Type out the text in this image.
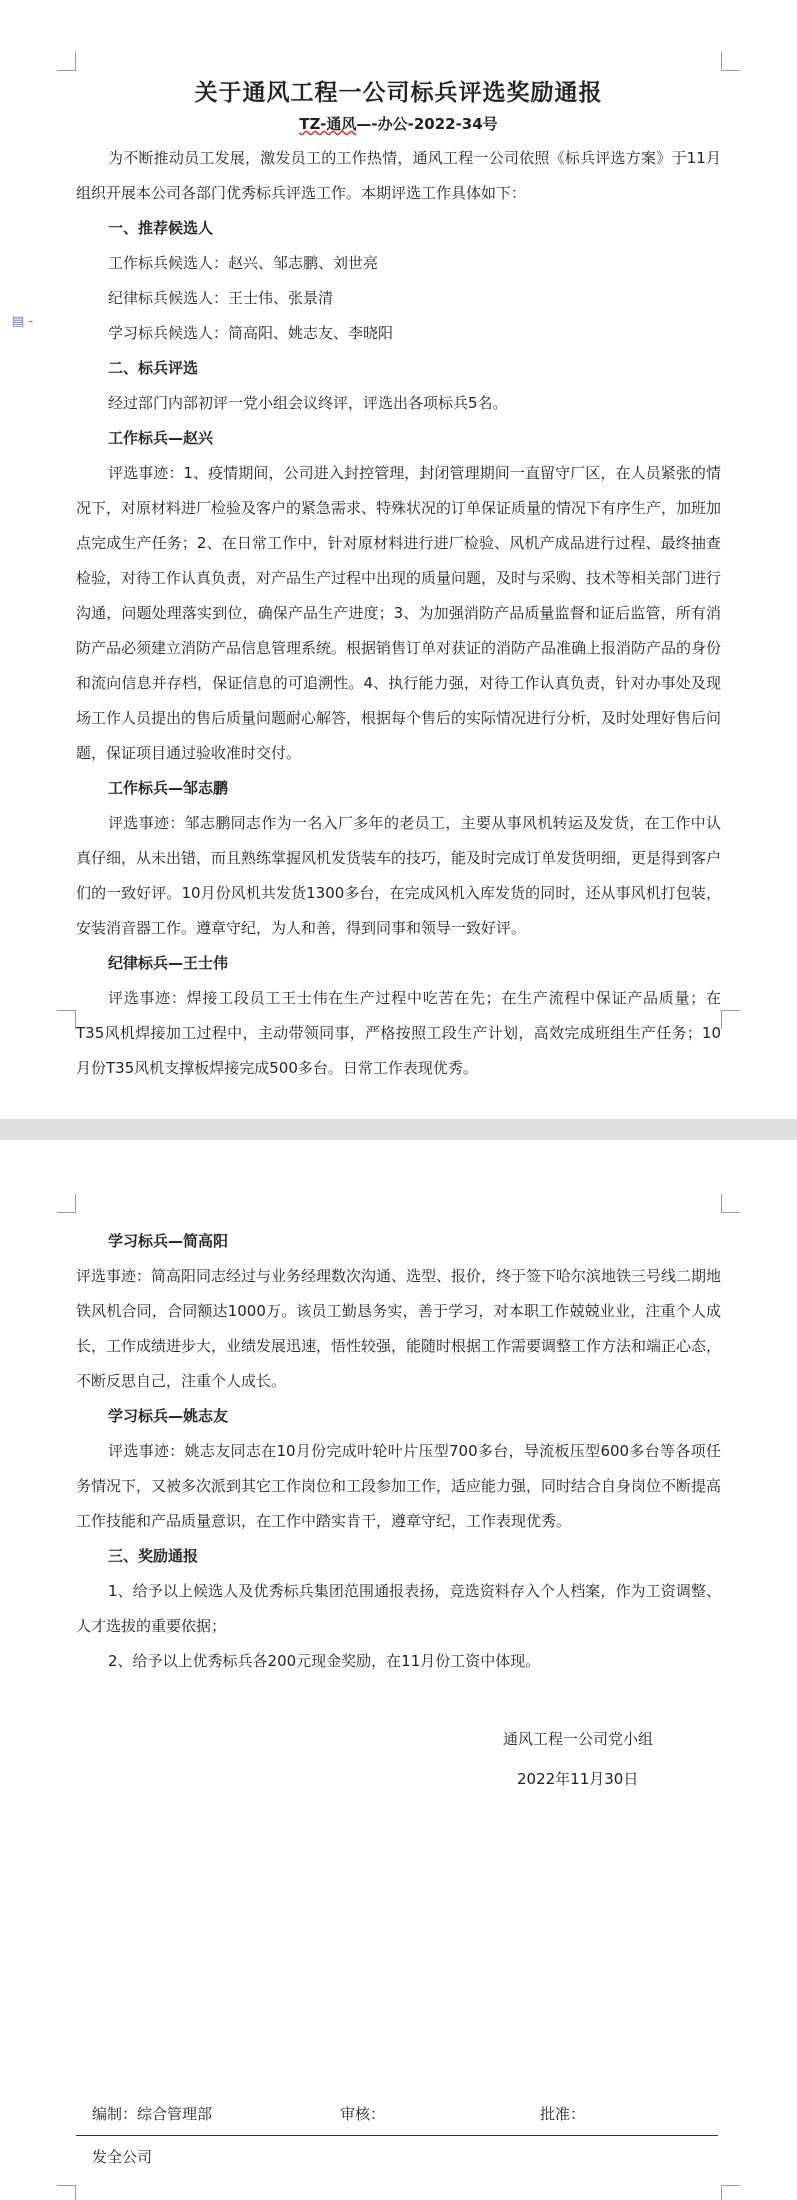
▤ -
关于通风工程一公司标兵评选奖励通报
TZ-通风—-办公-2022-34号

为不断推动员工发展，激发员工的工作热情，通风工程一公司依照《标兵评选方案》于11月组织开展本公司各部门优秀标兵评选工作。本期评选工作具体如下：

一、推荐候选人

工作标兵候选人：赵兴、邹志鹏、刘世亮

纪律标兵候选人：王士伟、张景清

学习标兵候选人：简高阳、姚志友、李晓阳

二、标兵评选

经过部门内部初评一党小组会议终评，评选出各项标兵5名。

工作标兵—赵兴

评选事迹：1、疫情期间，公司进入封控管理，封闭管理期间一直留守厂区，在人员紧张的情况下，对原材料进厂检验及客户的紧急需求、特殊状况的订单保证质量的情况下有序生产，加班加点完成生产任务；2、在日常工作中，针对原材料进行进厂检验、风机产成品进行过程、最终抽查检验，对待工作认真负责，对产品生产过程中出现的质量问题，及时与采购、技术等相关部门进行沟通，问题处理落实到位，确保产品生产进度；3、为加强消防产品质量监督和证后监管，所有消防产品必须建立消防产品信息管理系统。根据销售订单对获证的消防产品准确上报消防产品的身份和流向信息并存档，保证信息的可追溯性。4、执行能力强，对待工作认真负责，针对办事处及现场工作人员提出的售后质量问题耐心解答，根据每个售后的实际情况进行分析，及时处理好售后问题，保证项目通过验收准时交付。

工作标兵—邹志鹏

评选事迹：邹志鹏同志作为一名入厂多年的老员工，主要从事风机转运及发货，在工作中认真仔细，从未出错，而且熟练掌握风机发货装车的技巧，能及时完成订单发货明细，更是得到客户们的一致好评。10月份风机共发货1300多台，在完成风机入库发货的同时，还从事风机打包装，安装消音器工作。遵章守纪，为人和善，得到同事和领导一致好评。

纪律标兵—王士伟

评选事迹：焊接工段员工王士伟在生产过程中吃苦在先；在生产流程中保证产品质量；在T35风机焊接加工过程中，主动带领同事，严格按照工段生产计划，高效完成班组生产任务；10月份T35风机支撑板焊接完成500多台。日常工作表现优秀。

学习标兵—简高阳

评选事迹：简高阳同志经过与业务经理数次沟通、选型、报价，终于签下哈尔滨地铁三号线二期地铁风机合同，合同额达1000万。该员工勤恳务实，善于学习，对本职工作兢兢业业，注重个人成长，工作成绩进步大，业绩发展迅速，悟性较强，能随时根据工作需要调整工作方法和端正心态，不断反思自己，注重个人成长。

学习标兵—姚志友

评选事迹：姚志友同志在10月份完成叶轮叶片压型700多台，导流板压型600多台等各项任务情况下，又被多次派到其它工作岗位和工段参加工作，适应能力强，同时结合自身岗位不断提高工作技能和产品质量意识，在工作中踏实肯干，遵章守纪，工作表现优秀。

三、奖励通报

1、给予以上候选人及优秀标兵集团范围通报表扬，竞选资料存入个人档案，作为工资调整、人才选拔的重要依据；

2、给予以上优秀标兵各200元现金奖励，在11月份工资中体现。

通风工程一公司党小组
2022年11月30日
编制：综合管理部	审核：	批准：
发全公司
